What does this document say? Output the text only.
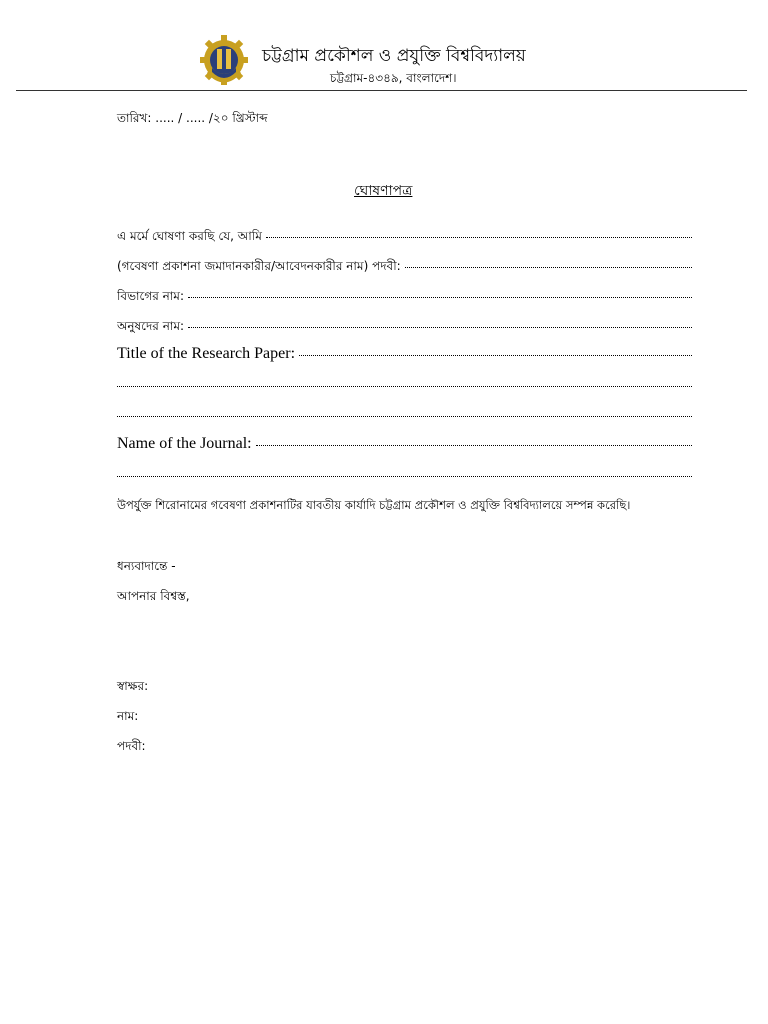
চট্টগ্রাম প্রকৌশল ও প্রযুক্তি বিশ্ববিদ্যালয়
চট্টগ্রাম-৪৩৪৯, বাংলাদেশ।
তারিখ: ..... / ..... /২০ খ্রিস্টাব্দ
ঘোষণাপত্র
এ মর্মে ঘোষণা করছি যে, আমি
(গবেষণা প্রকাশনা জমাদানকারীর/আবেদনকারীর নাম) পদবী:
বিভাগের নাম:
অনুষদের নাম:
Title of the Research Paper:
Name of the Journal:
উপর্যুক্ত শিরোনামের গবেষণা প্রকাশনাটির যাবতীয় কার্যাদি চট্টগ্রাম প্রকৌশল ও প্রযুক্তি বিশ্ববিদ্যালয়ে সম্পন্ন করেছি।
ধন্যবাদান্তে -
আপনার বিশ্বস্ত,
স্বাক্ষর:
নাম:
পদবী:
